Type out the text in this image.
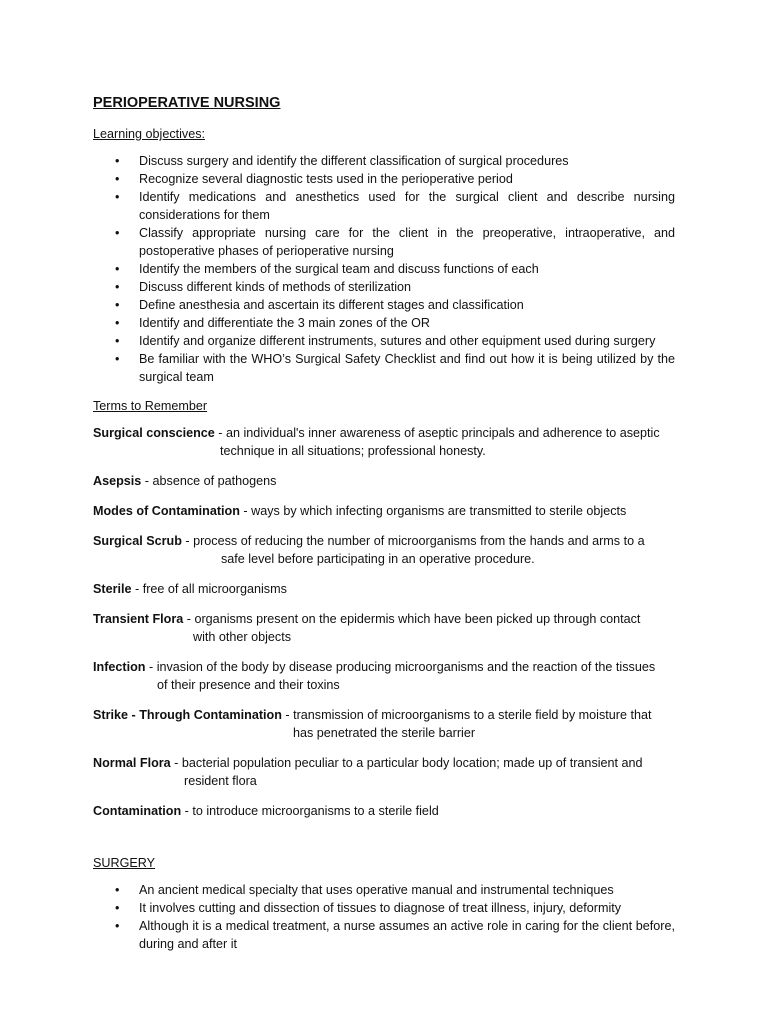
PERIOPERATIVE NURSING
Learning objectives:
• Discuss surgery and identify the different classification of surgical procedures
• Recognize several diagnostic tests used in the perioperative period
• Identify medications and anesthetics used for the surgical client and describe nursing considerations for them
• Classify appropriate nursing care for the client in the preoperative, intraoperative, and postoperative phases of perioperative nursing
• Identify the members of the surgical team and discuss functions of each
• Discuss different kinds of methods of sterilization
• Define anesthesia and ascertain its different stages and classification
• Identify and differentiate the 3 main zones of the OR
• Identify and organize different instruments, sutures and other equipment used during surgery
• Be familiar with the WHO’s Surgical Safety Checklist and find out how it is being utilized by the surgical team
Terms to Remember
Surgical conscience - an individual's inner awareness of aseptic principals and adherence to aseptic
technique in all situations; professional honesty.
Asepsis - absence of pathogens
Modes of Contamination - ways by which infecting organisms are transmitted to sterile objects
Surgical Scrub - process of reducing the number of microorganisms from the hands and arms to a
safe level before participating in an operative procedure.
Sterile - free of all microorganisms
Transient Flora - organisms present on the epidermis which have been picked up through contact
with other objects
Infection - invasion of the body by disease producing microorganisms and the reaction of the tissues
of their presence and their toxins
Strike - Through Contamination - transmission of microorganisms to a sterile field by moisture that
has penetrated the sterile barrier
Normal Flora - bacterial population peculiar to a particular body location; made up of transient and
resident flora
Contamination - to introduce microorganisms to a sterile field
SURGERY
• An ancient medical specialty that uses operative manual and instrumental techniques
• It involves cutting and dissection of tissues to diagnose of treat illness, injury, deformity
• Although it is a medical treatment, a nurse assumes an active role in caring for the client before, during and after it
